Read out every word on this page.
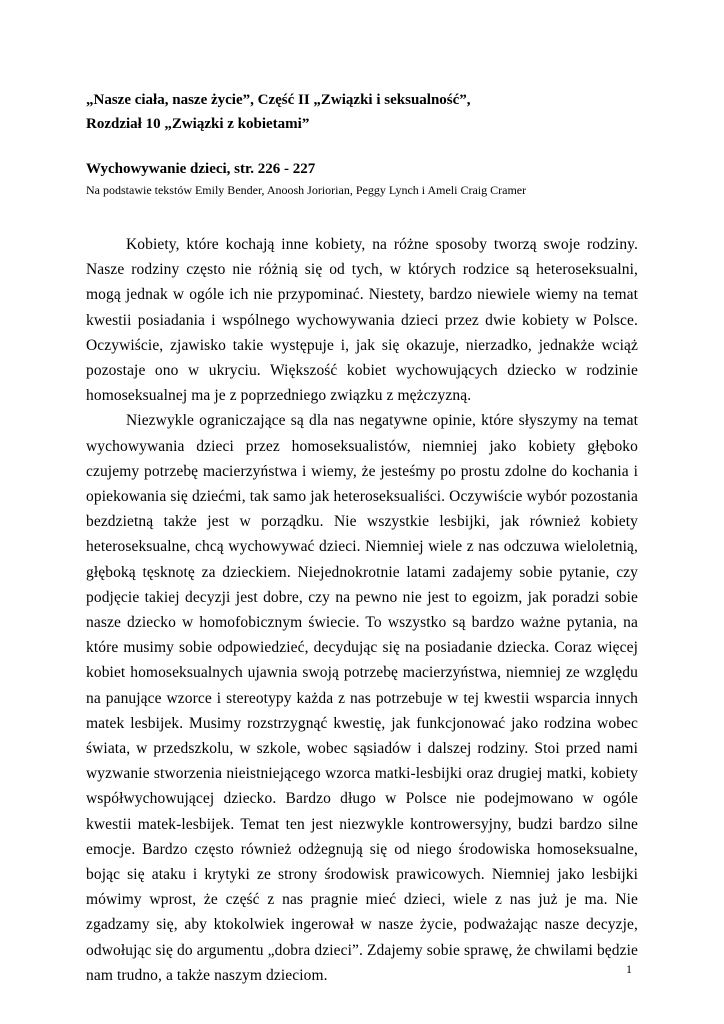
„Nasze ciała, nasze życie”, Część II „Związki i seksualność”,

Rozdział 10 „Związki z kobietami”

Wychowywanie dzieci, str. 226 - 227

Na podstawie tekstów Emily Bender, Anoosh Joriorian, Peggy Lynch i Ameli Craig Cramer

Kobiety, które kochają inne kobiety, na różne sposoby tworzą swoje rodziny. Nasze rodziny często nie różnią się od tych, w których rodzice są heteroseksualni, mogą jednak w ogóle ich nie przypominać. Niestety, bardzo niewiele wiemy na temat kwestii posiadania i wspólnego wychowywania dzieci przez dwie kobiety w Polsce. Oczywiście, zjawisko takie występuje i, jak się okazuje, nierzadko, jednakże wciąż pozostaje ono w ukryciu. Większość kobiet wychowujących dziecko w rodzinie homoseksualnej ma je z poprzedniego związku z mężczyzną.

Niezwykle ograniczające są dla nas negatywne opinie, które słyszymy na temat wychowywania dzieci przez homoseksualistów, niemniej jako kobiety głęboko czujemy potrzebę macierzyństwa i wiemy, że jesteśmy po prostu zdolne do kochania i opiekowania się dziećmi, tak samo jak heteroseksualiści. Oczywiście wybór pozostania bezdzietną także jest w porządku. Nie wszystkie lesbijki, jak również kobiety heteroseksualne, chcą wychowywać dzieci. Niemniej wiele z nas odczuwa wieloletnią, głęboką tęsknotę za dzieckiem. Niejednokrotnie latami zadajemy sobie pytanie, czy podjęcie takiej decyzji jest dobre, czy na pewno nie jest to egoizm, jak poradzi sobie nasze dziecko w homofobicznym świecie. To wszystko są bardzo ważne pytania, na które musimy sobie odpowiedzieć, decydując się na posiadanie dziecka. Coraz więcej kobiet homoseksualnych ujawnia swoją potrzebę macierzyństwa, niemniej ze względu na panujące wzorce i stereotypy każda z nas potrzebuje w tej kwestii wsparcia innych matek lesbijek. Musimy rozstrzygnąć kwestię, jak funkcjonować jako rodzina wobec świata, w przedszkolu, w szkole, wobec sąsiadów i dalszej rodziny. Stoi przed nami wyzwanie stworzenia nieistniejącego wzorca matki-lesbijki oraz drugiej matki, kobiety współwychowującej dziecko. Bardzo długo w Polsce nie podejmowano w ogóle kwestii matek-lesbijek. Temat ten jest niezwykle kontrowersyjny, budzi bardzo silne emocje. Bardzo często również odżegnują się od niego środowiska homoseksualne, bojąc się ataku i krytyki ze strony środowisk prawicowych. Niemniej jako lesbijki mówimy wprost, że część z nas pragnie mieć dzieci, wiele z nas już je ma. Nie zgadzamy się, aby ktokolwiek ingerował w nasze życie, podważając nasze decyzje, odwołując się do argumentu „dobra dzieci”. Zdajemy sobie sprawę, że chwilami będzie nam trudno, a także naszym dzieciom.	1
